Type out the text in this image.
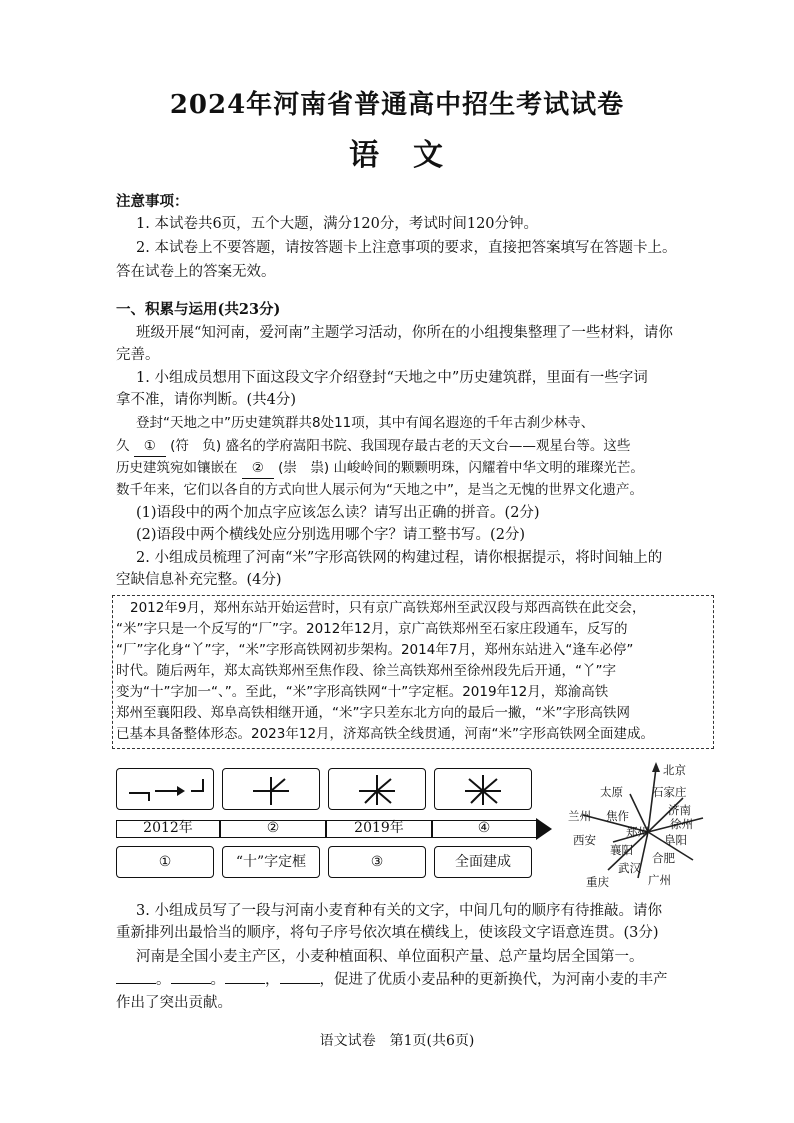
2024年河南省普通高中招生考试试卷
语　文
注意事项：
1. 本试卷共6页，五个大题，满分120分，考试时间120分钟。
2. 本试卷上不要答题，请按答题卡上注意事项的要求，直接把答案填写在答题卡上。
答在试卷上的答案无效。
一、积累与运用(共23分)
班级开展“知河南，爱河南”主题学习活动，你所在的小组搜集整理了一些材料，请你
完善。
1. 小组成员想用下面这段文字介绍登封“天地之中”历史建筑群，里面有一些字词
拿不准，请你判断。(共4分)
登封“天地之中”历史建筑群共8处11项，其中有闻名遐迩的千年古刹少林寺、
久 ① (符　负) 盛名的学府嵩阳书院、我国现存最古老的天文台——观星台等。这些
历史建筑宛如镶嵌在 ② (崇　祟) 山峻岭间的颗颗明珠，闪耀着中华文明的璀璨光芒。
数千年来，它们以各自的方式向世人展示何为“天地之中”，是当之无愧的世界文化遗产。
(1)语段中的两个加点字应该怎么读？请写出正确的拼音。(2分)
(2)语段中两个横线处应分别选用哪个字？请工整书写。(2分)
2. 小组成员梳理了河南“米”字形高铁网的构建过程，请你根据提示，将时间轴上的
空缺信息补充完整。(4分)
2012年9月，郑州东站开始运营时，只有京广高铁郑州至武汉段与郑西高铁在此交会，
“米”字只是一个反写的“厂”字。2012年12月，京广高铁郑州至石家庄段通车，反写的
“厂”字化身“丫”字，“米”字形高铁网初步架构。2014年7月，郑州东站进入“逢车必停”
时代。随后两年，郑太高铁郑州至焦作段、徐兰高铁郑州至徐州段先后开通，“丫”字
变为“十”字加一“、”。至此，“米”字形高铁网“十”字定框。2019年12月，郑渝高铁
郑州至襄阳段、郑阜高铁相继开通，“米”字只差东北方向的最后一撇，“米”字形高铁网
已基本具备整体形态。2023年12月，济郑高铁全线贯通，河南“米”字形高铁网全面建成。
2012年	②	2019年	④
①	“十”字定框	③	全面建成
北京
太原	石家庄
济南
兰州 焦作
徐州
郑州
西安	阜阳
襄阳
合肥
武汉
重庆	广州
3. 小组成员写了一段与河南小麦育种有关的文字，中间几句的顺序有待推敲。请你
重新排列出最恰当的顺序，将句子序号依次填在横线上，使该段文字语意连贯。(3分)
河南是全国小麦主产区，小麦种植面积、单位面积产量、总产量均居全国第一。
。	。	，	，促进了优质小麦品种的更新换代，为河南小麦的丰产
作出了突出贡献。
语文试卷　第1页(共6页)
